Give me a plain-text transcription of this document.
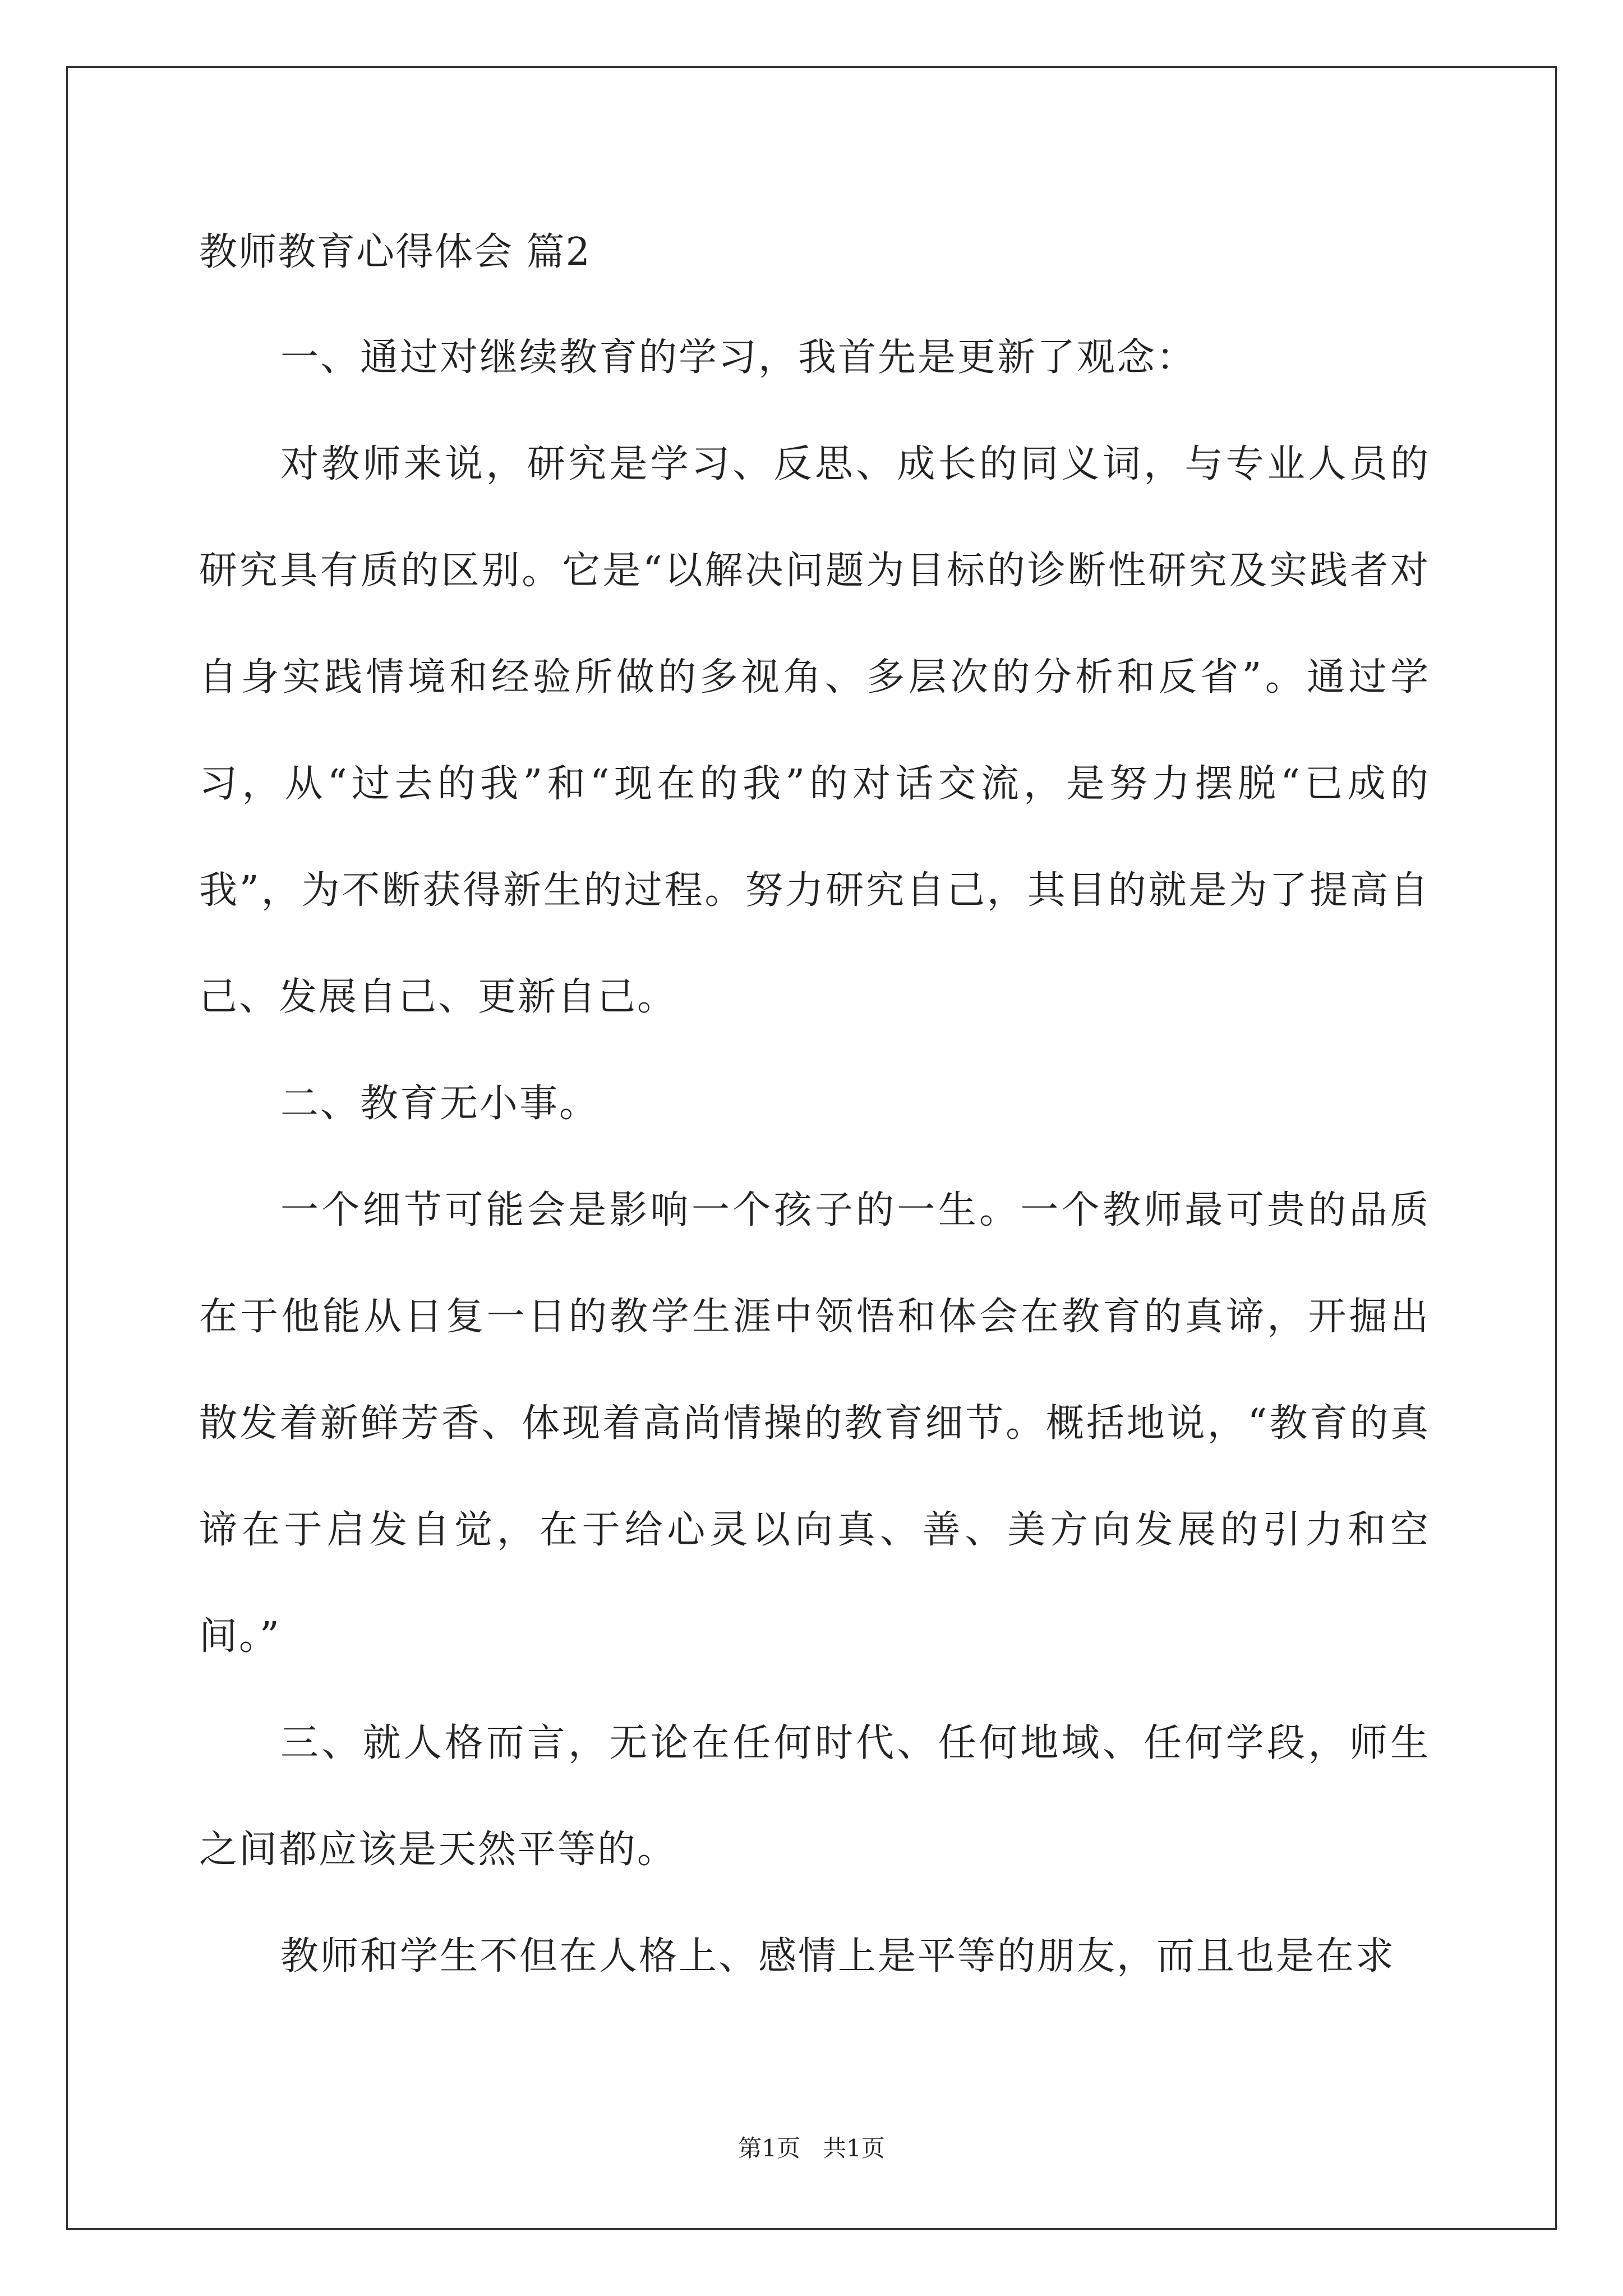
教师教育心得体会 篇2

一、通过对继续教育的学习，我首先是更新了观念：

对教师来说，研究是学习、反思、成长的同义词，与专业人员的研究具有质的区别。它是“以解决问题为目标的诊断性研究及实践者对自身实践情境和经验所做的多视角、多层次的分析和反省”。通过学习，从“过去的我”和“现在的我”的对话交流，是努力摆脱“已成的我”，为不断获得新生的过程。努力研究自己，其目的就是为了提高自己、发展自己、更新自己。

二、教育无小事。

一个细节可能会是影响一个孩子的一生。一个教师最可贵的品质在于他能从日复一日的教学生涯中领悟和体会在教育的真谛，开掘出散发着新鲜芳香、体现着高尚情操的教育细节。概括地说，“教育的真谛在于启发自觉，在于给心灵以向真、善、美方向发展的引力和空间。”

三、就人格而言，无论在任何时代、任何地域、任何学段，师生之间都应该是天然平等的。

教师和学生不但在人格上、感情上是平等的朋友，而且也是在求

第1页   共1页
